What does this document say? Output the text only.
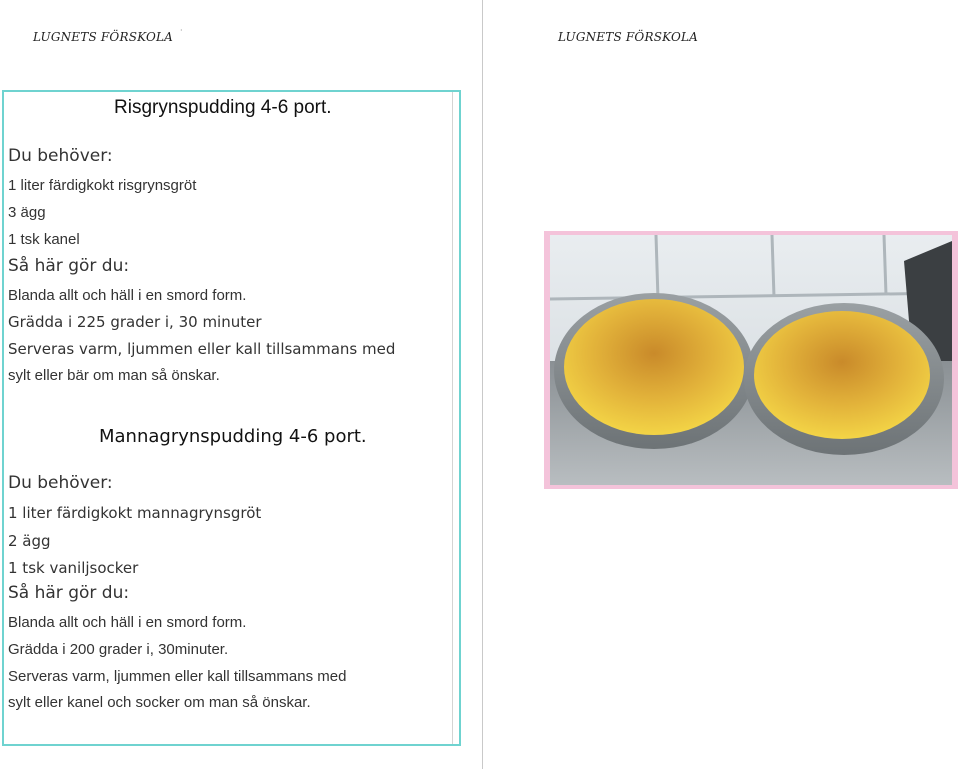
LUGNETS FÖRSKOLA ·	LUGNETS FÖRSKOLA
Risgrynspudding 4-6 port.
Du behöver:
1 liter färdigkokt risgrynsgröt
3 ägg
1 tsk kanel
Så här gör du:
Blanda allt och häll i en smord form.
Grädda i 225 grader i, 30 minuter
Serveras varm, ljummen eller kall tillsammans med
sylt eller bär om man så önskar.
Mannagrynspudding 4-6 port.
Du behöver:
1 liter färdigkokt mannagrynsgröt
2 ägg
1 tsk vaniljsocker
Så här gör du:
Blanda allt och häll i en smord form.
Grädda i 200 grader i, 30minuter.
Serveras varm, ljummen eller kall tillsammans med
sylt eller kanel och socker om man så önskar.
